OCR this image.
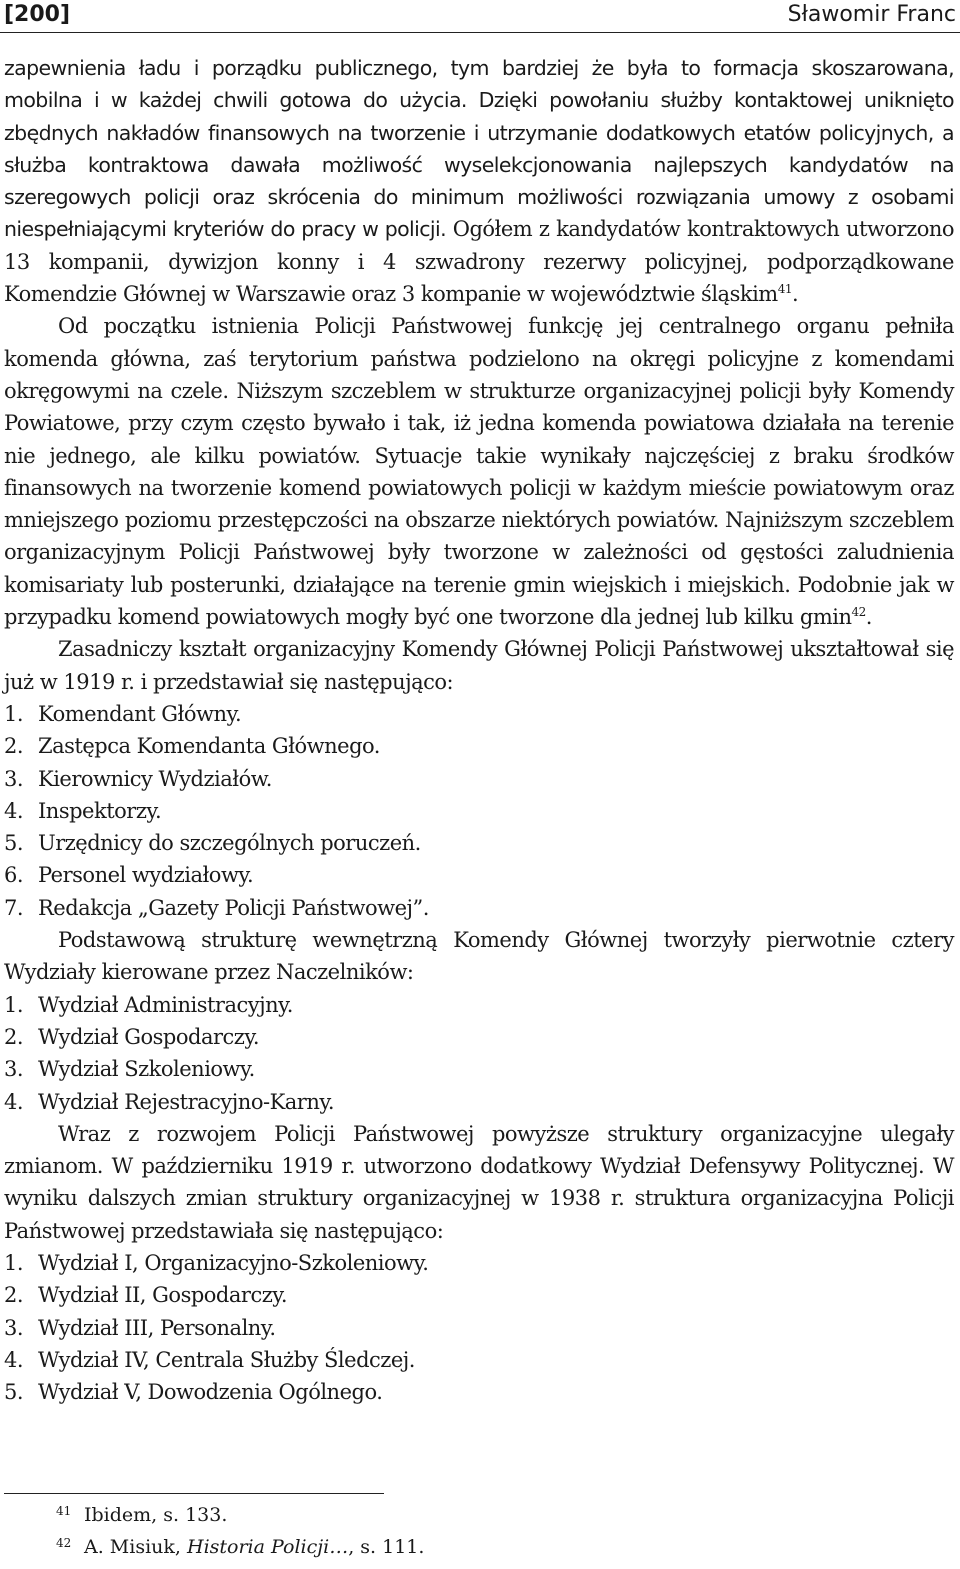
[200]	Sławomir Franc

zapewnienia ładu i porządku publicznego, tym bardziej że była to formacja skoszarowana, mobilna i w każdej chwili gotowa do użycia. Dzięki powołaniu służby kontaktowej uniknięto zbędnych nakładów finansowych na tworzenie i utrzymanie dodatkowych etatów policyjnych, a służba kontraktowa dawała możliwość wyselekcjonowania najlepszych kandydatów na szeregowych policji oraz skrócenia do minimum możliwości rozwiązania umowy z osobami niespełniającymi kryteriów do pracy w policji. Ogółem z kandydatów kontraktowych utworzono 13 kompanii, dywizjon konny i 4 szwadrony rezerwy policyjnej, podporządkowane Komendzie Głównej w Warszawie oraz 3 kompanie w województwie śląskim$^{41}$.

Od początku istnienia Policji Państwowej funkcję jej centralnego organu pełniła komenda główna, zaś terytorium państwa podzielono na okręgi policyjne z komendami okręgowymi na czele. Niższym szczeblem w strukturze organizacyjnej policji były Komendy Powiatowe, przy czym często bywało i tak, iż jedna komenda powiatowa działała na terenie nie jednego, ale kilku powiatów. Sytuacje takie wynikały najczęściej z braku środków finansowych na tworzenie komend powiatowych policji w każdym mieście powiatowym oraz mniejszego poziomu przestępczości na obszarze niektórych powiatów. Najniższym szczeblem organizacyjnym Policji Państwowej były tworzone w zależności od gęstości zaludnienia komisariaty lub posterunki, działające na terenie gmin wiejskich i miejskich. Podobnie jak w przypadku komend powiatowych mogły być one tworzone dla jednej lub kilku gmin$^{42}$.

Zasadniczy kształt organizacyjny Komendy Głównej Policji Państwowej ukształtował się już w 1919 r. i przedstawiał się następująco:

1. Komendant Główny.
2. Zastępca Komendanta Głównego.
3. Kierownicy Wydziałów.
4. Inspektorzy.
5. Urzędnicy do szczególnych poruczeń.
6. Personel wydziałowy.
7. Redakcja „Gazety Policji Państwowej”.

Podstawową strukturę wewnętrzną Komendy Głównej tworzyły pierwotnie cztery Wydziały kierowane przez Naczelników:

1. Wydział Administracyjny.
2. Wydział Gospodarczy.
3. Wydział Szkoleniowy.
4. Wydział Rejestracyjno-Karny.

Wraz z rozwojem Policji Państwowej powyższe struktury organizacyjne ulegały zmianom. W październiku 1919 r. utworzono dodatkowy Wydział Defensywy Politycznej. W wyniku dalszych zmian struktury organizacyjnej w 1938 r. struktura organizacyjna Policji Państwowej przedstawiała się następująco:

1. Wydział I, Organizacyjno-Szkoleniowy.
2. Wydział II, Gospodarczy.
3. Wydział III, Personalny.
4. Wydział IV, Centrala Służby Śledczej.
5. Wydział V, Dowodzenia Ogólnego.
41 Ibidem, s. 133.
42 A. Misiuk, Historia Policji…, s. 111.
